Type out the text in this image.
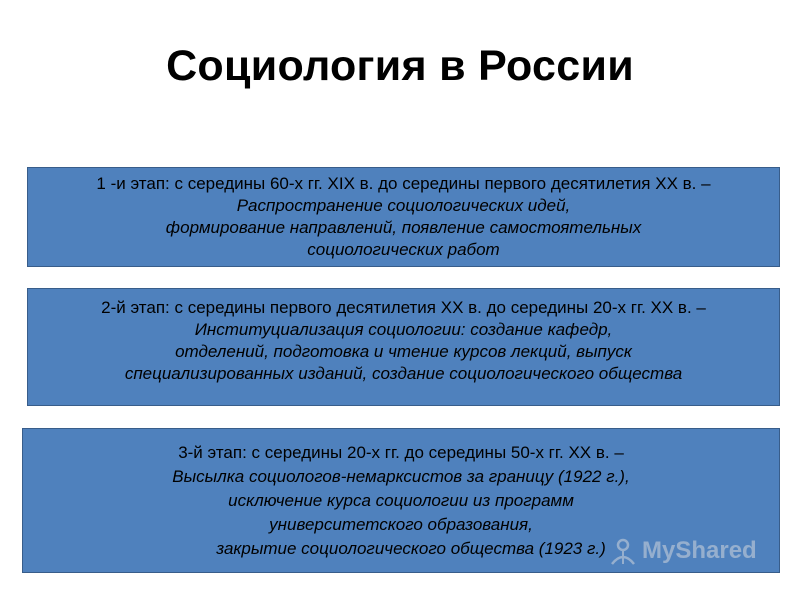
Социология в России
1 -и этап: с середины 60-х гг. XIX в. до середины первого десятилетия ХХ в. –
Распространение социологических идей,
формирование направлений, появление самостоятельных
социологических работ
2-й этап: с середины первого десятилетия XX в. до середины 20-х гг. XX в. –
Институциализация социологии: создание кафедр,
отделений, подготовка и чтение курсов лекций, выпуск
специализированных изданий, создание социологического общества
3-й этап: с середины 20-х гг. до середины 50-х гг. XX в. –
Высылка социологов-немарксистов за границу (1922 г.),
исключение курса социологии из программ
университетского образования,
закрытие социологического общества (1923 г.)	MyShared
